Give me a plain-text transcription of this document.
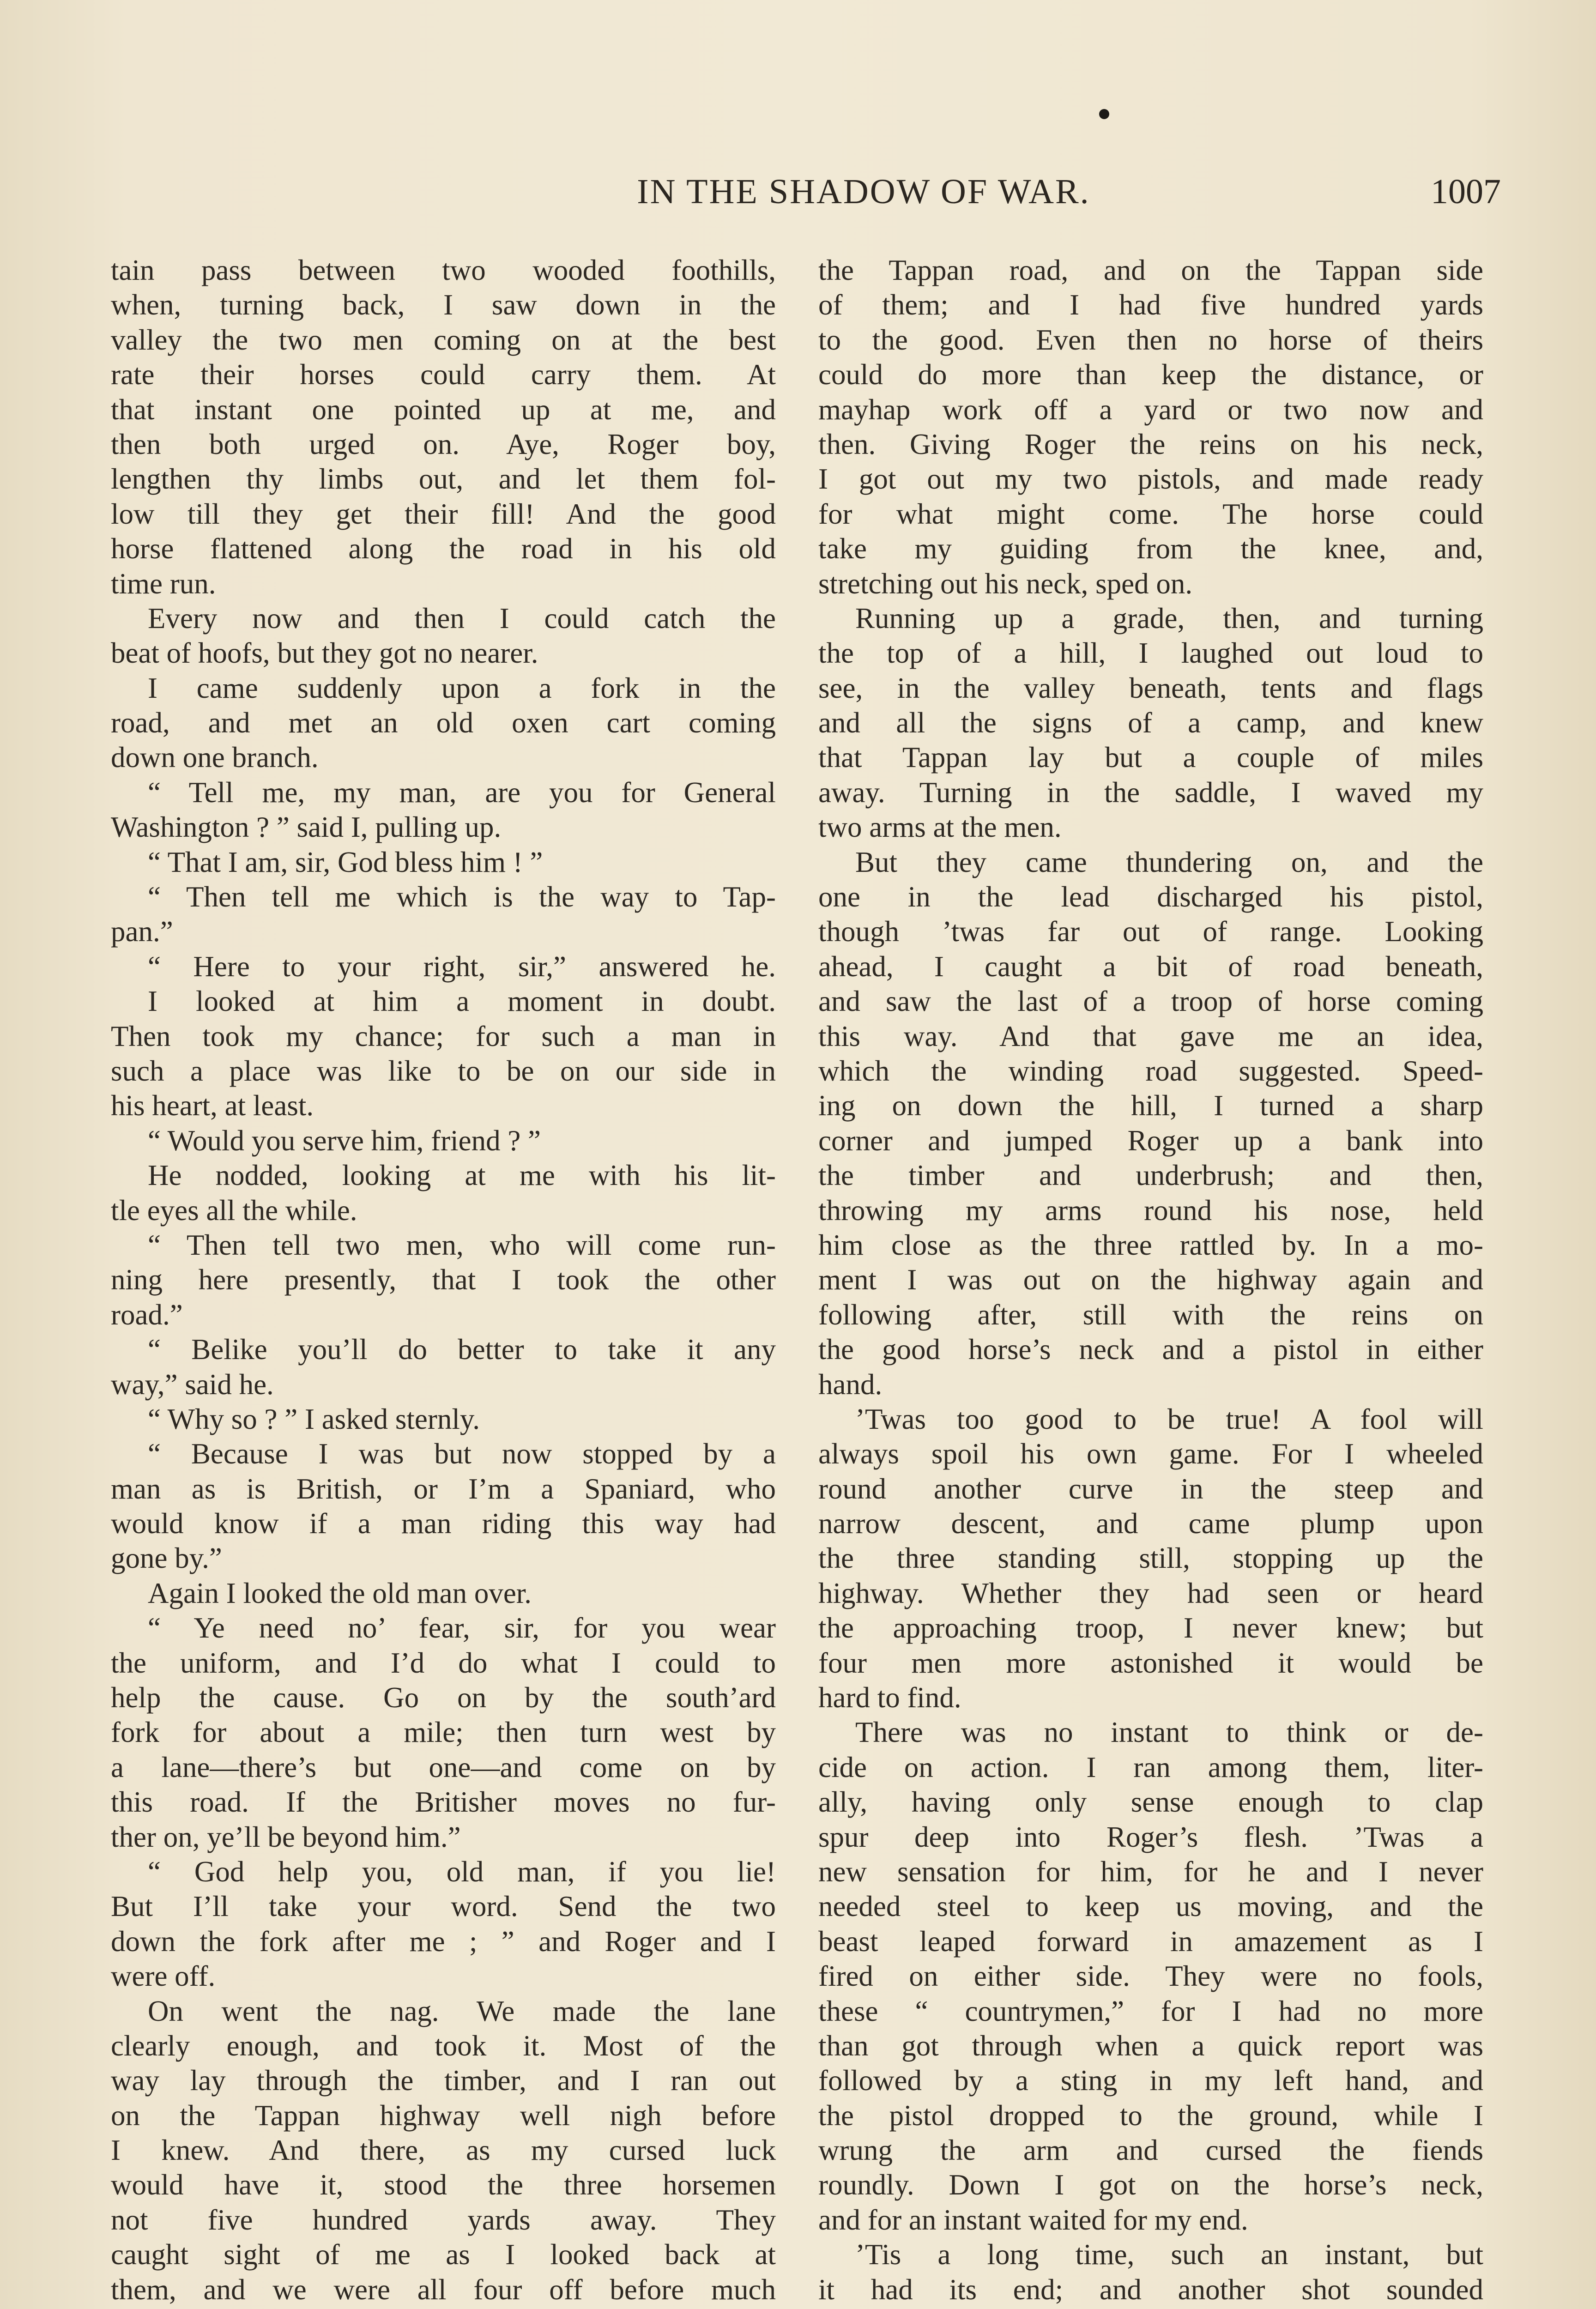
IN THE SHADOW OF WAR.	1007
tain pass between two wooded foothills,
when, turning back, I saw down in the
valley the two men coming on at the best
rate their horses could carry them. At
that instant one pointed up at me, and
then both urged on. Aye, Roger boy,
lengthen thy limbs out, and let them fol-
low till they get their fill! And the good
horse flattened along the road in his old
time run.
Every now and then I could catch the
beat of hoofs, but they got no nearer.
I came suddenly upon a fork in the
road, and met an old oxen cart coming
down one branch.
“ Tell me, my man, are you for General
Washington ? ” said I, pulling up.
“ That I am, sir, God bless him ! ”
“ Then tell me which is the way to Tap-
pan.”
“ Here to your right, sir,” answered he.
I looked at him a moment in doubt.
Then took my chance; for such a man in
such a place was like to be on our side in
his heart, at least.
“ Would you serve him, friend ? ”
He nodded, looking at me with his lit-
tle eyes all the while.
“ Then tell two men, who will come run-
ning here presently, that I took the other
road.”
“ Belike you’ll do better to take it any
way,” said he.
“ Why so ? ” I asked sternly.
“ Because I was but now stopped by a
man as is British, or I’m a Spaniard, who
would know if a man riding this way had
gone by.”
Again I looked the old man over.
“ Ye need no’ fear, sir, for you wear
the uniform, and I’d do what I could to
help the cause. Go on by the south’ard
fork for about a mile; then turn west by
a lane—there’s but one—and come on by
this road. If the Britisher moves no fur-
ther on, ye’ll be beyond him.”
“ God help you, old man, if you lie!
But I’ll take your word. Send the two
down the fork after me ; ” and Roger and I
were off.
On went the nag. We made the lane
clearly enough, and took it. Most of the
way lay through the timber, and I ran out
on the Tappan highway well nigh before
I knew. And there, as my cursed luck
would have it, stood the three horsemen
not five hundred yards away. They
caught sight of me as I looked back at
them, and we were all four off before much
the Tappan road, and on the Tappan side
of them; and I had five hundred yards
to the good. Even then no horse of theirs
could do more than keep the distance, or
mayhap work off a yard or two now and
then. Giving Roger the reins on his neck,
I got out my two pistols, and made ready
for what might come. The horse could
take my guiding from the knee, and,
stretching out his neck, sped on.
Running up a grade, then, and turning
the top of a hill, I laughed out loud to
see, in the valley beneath, tents and flags
and all the signs of a camp, and knew
that Tappan lay but a couple of miles
away. Turning in the saddle, I waved my
two arms at the men.
But they came thundering on, and the
one in the lead discharged his pistol,
though ’twas far out of range. Looking
ahead, I caught a bit of road beneath,
and saw the last of a troop of horse coming
this way. And that gave me an idea,
which the winding road suggested. Speed-
ing on down the hill, I turned a sharp
corner and jumped Roger up a bank into
the timber and underbrush; and then,
throwing my arms round his nose, held
him close as the three rattled by. In a mo-
ment I was out on the highway again and
following after, still with the reins on
the good horse’s neck and a pistol in either
hand.
’Twas too good to be true! A fool will
always spoil his own game. For I wheeled
round another curve in the steep and
narrow descent, and came plump upon
the three standing still, stopping up the
highway. Whether they had seen or heard
the approaching troop, I never knew; but
four men more astonished it would be
hard to find.
There was no instant to think or de-
cide on action. I ran among them, liter-
ally, having only sense enough to clap
spur deep into Roger’s flesh. ’Twas a
new sensation for him, for he and I never
needed steel to keep us moving, and the
beast leaped forward in amazement as I
fired on either side. They were no fools,
these “ countrymen,” for I had no more
than got through when a quick report was
followed by a sting in my left hand, and
the pistol dropped to the ground, while I
wrung the arm and cursed the fiends
roundly. Down I got on the horse’s neck,
and for an instant waited for my end.
’Tis a long time, such an instant, but
it had its end; and another shot sounded
